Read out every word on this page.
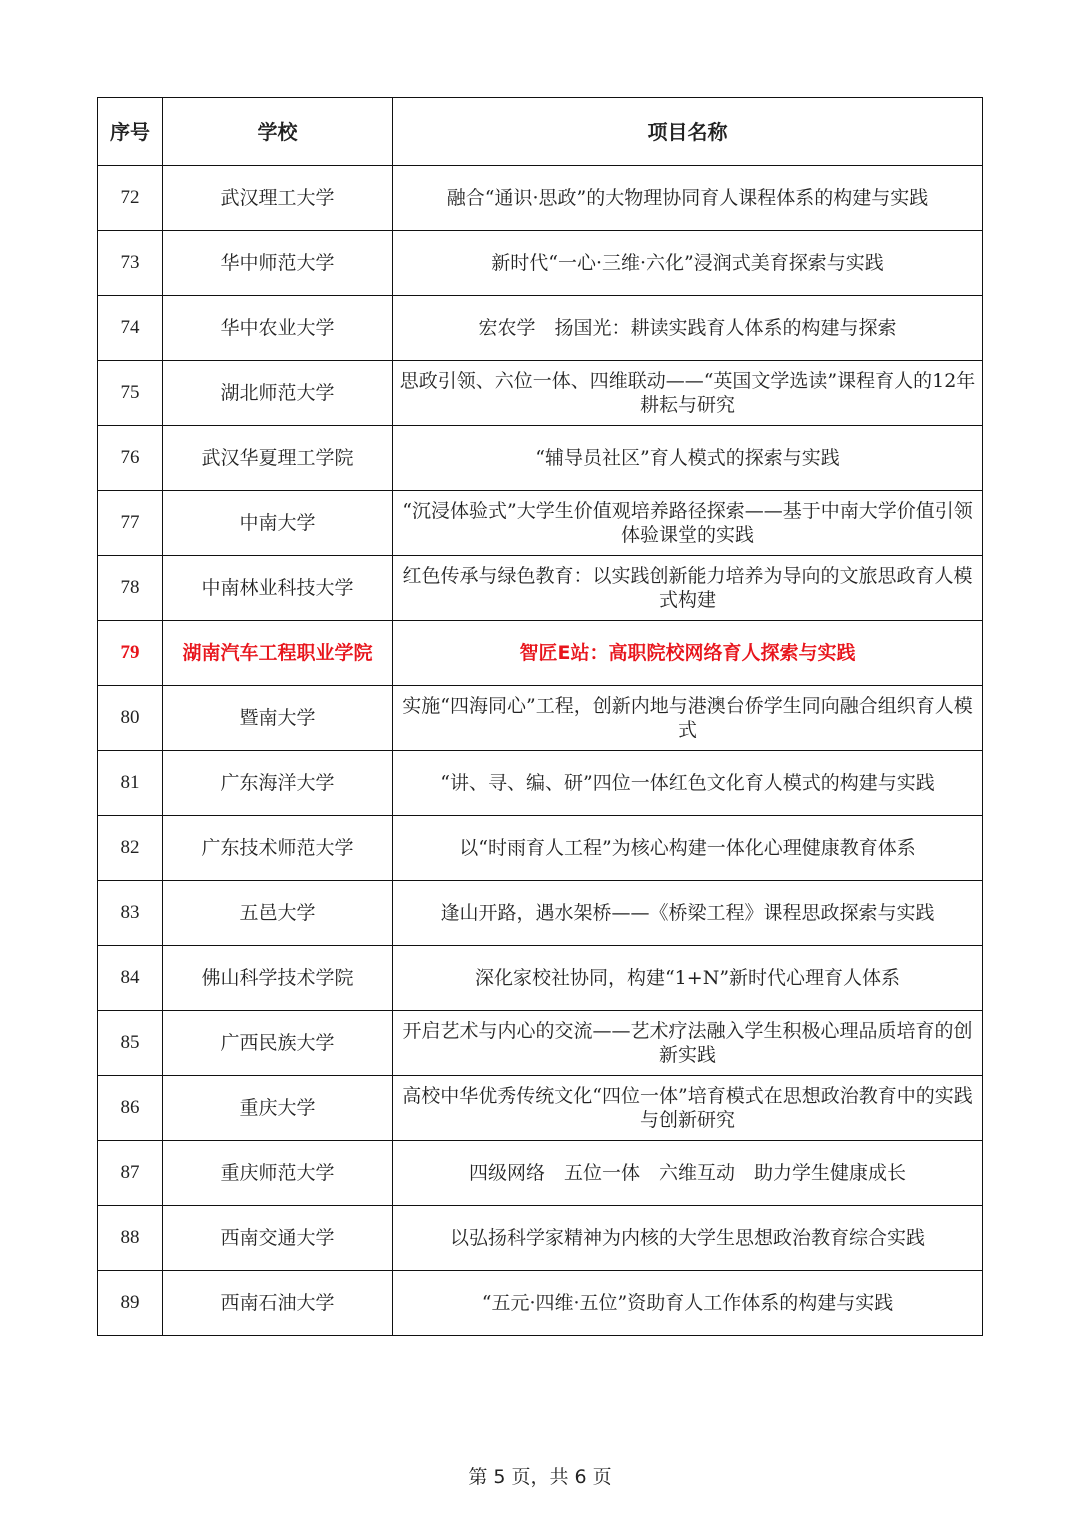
序号	学校	项目名称
72	武汉理工大学	融合“通识·思政”的大物理协同育人课程体系的构建与实践
73	华中师范大学	新时代“一心·三维·六化”浸润式美育探索与实践
74	华中农业大学	宏农学　扬国光：耕读实践育人体系的构建与探索
75	湖北师范大学	思政引领、六位一体、四维联动——“英国文学选读”课程育人的12年耕耘与研究
76	武汉华夏理工学院	“辅导员社区”育人模式的探索与实践
77	中南大学	“沉浸体验式”大学生价值观培养路径探索——基于中南大学价值引领体验课堂的实践
78	中南林业科技大学	红色传承与绿色教育：以实践创新能力培养为导向的文旅思政育人模式构建
79	湖南汽车工程职业学院	智匠E站：高职院校网络育人探索与实践
80	暨南大学	实施“四海同心”工程，创新内地与港澳台侨学生同向融合组织育人模式
81	广东海洋大学	“讲、寻、编、研”四位一体红色文化育人模式的构建与实践
82	广东技术师范大学	以“时雨育人工程”为核心构建一体化心理健康教育体系
83	五邑大学	逢山开路，遇水架桥——《桥梁工程》课程思政探索与实践
84	佛山科学技术学院	深化家校社协同，构建“1+N”新时代心理育人体系
85	广西民族大学	开启艺术与内心的交流——艺术疗法融入学生积极心理品质培育的创新实践
86	重庆大学	高校中华优秀传统文化“四位一体”培育模式在思想政治教育中的实践与创新研究
87	重庆师范大学	四级网络　五位一体　六维互动　助力学生健康成长
88	西南交通大学	以弘扬科学家精神为内核的大学生思想政治教育综合实践
89	西南石油大学	“五元·四维·五位”资助育人工作体系的构建与实践
第 5 页，共 6 页
